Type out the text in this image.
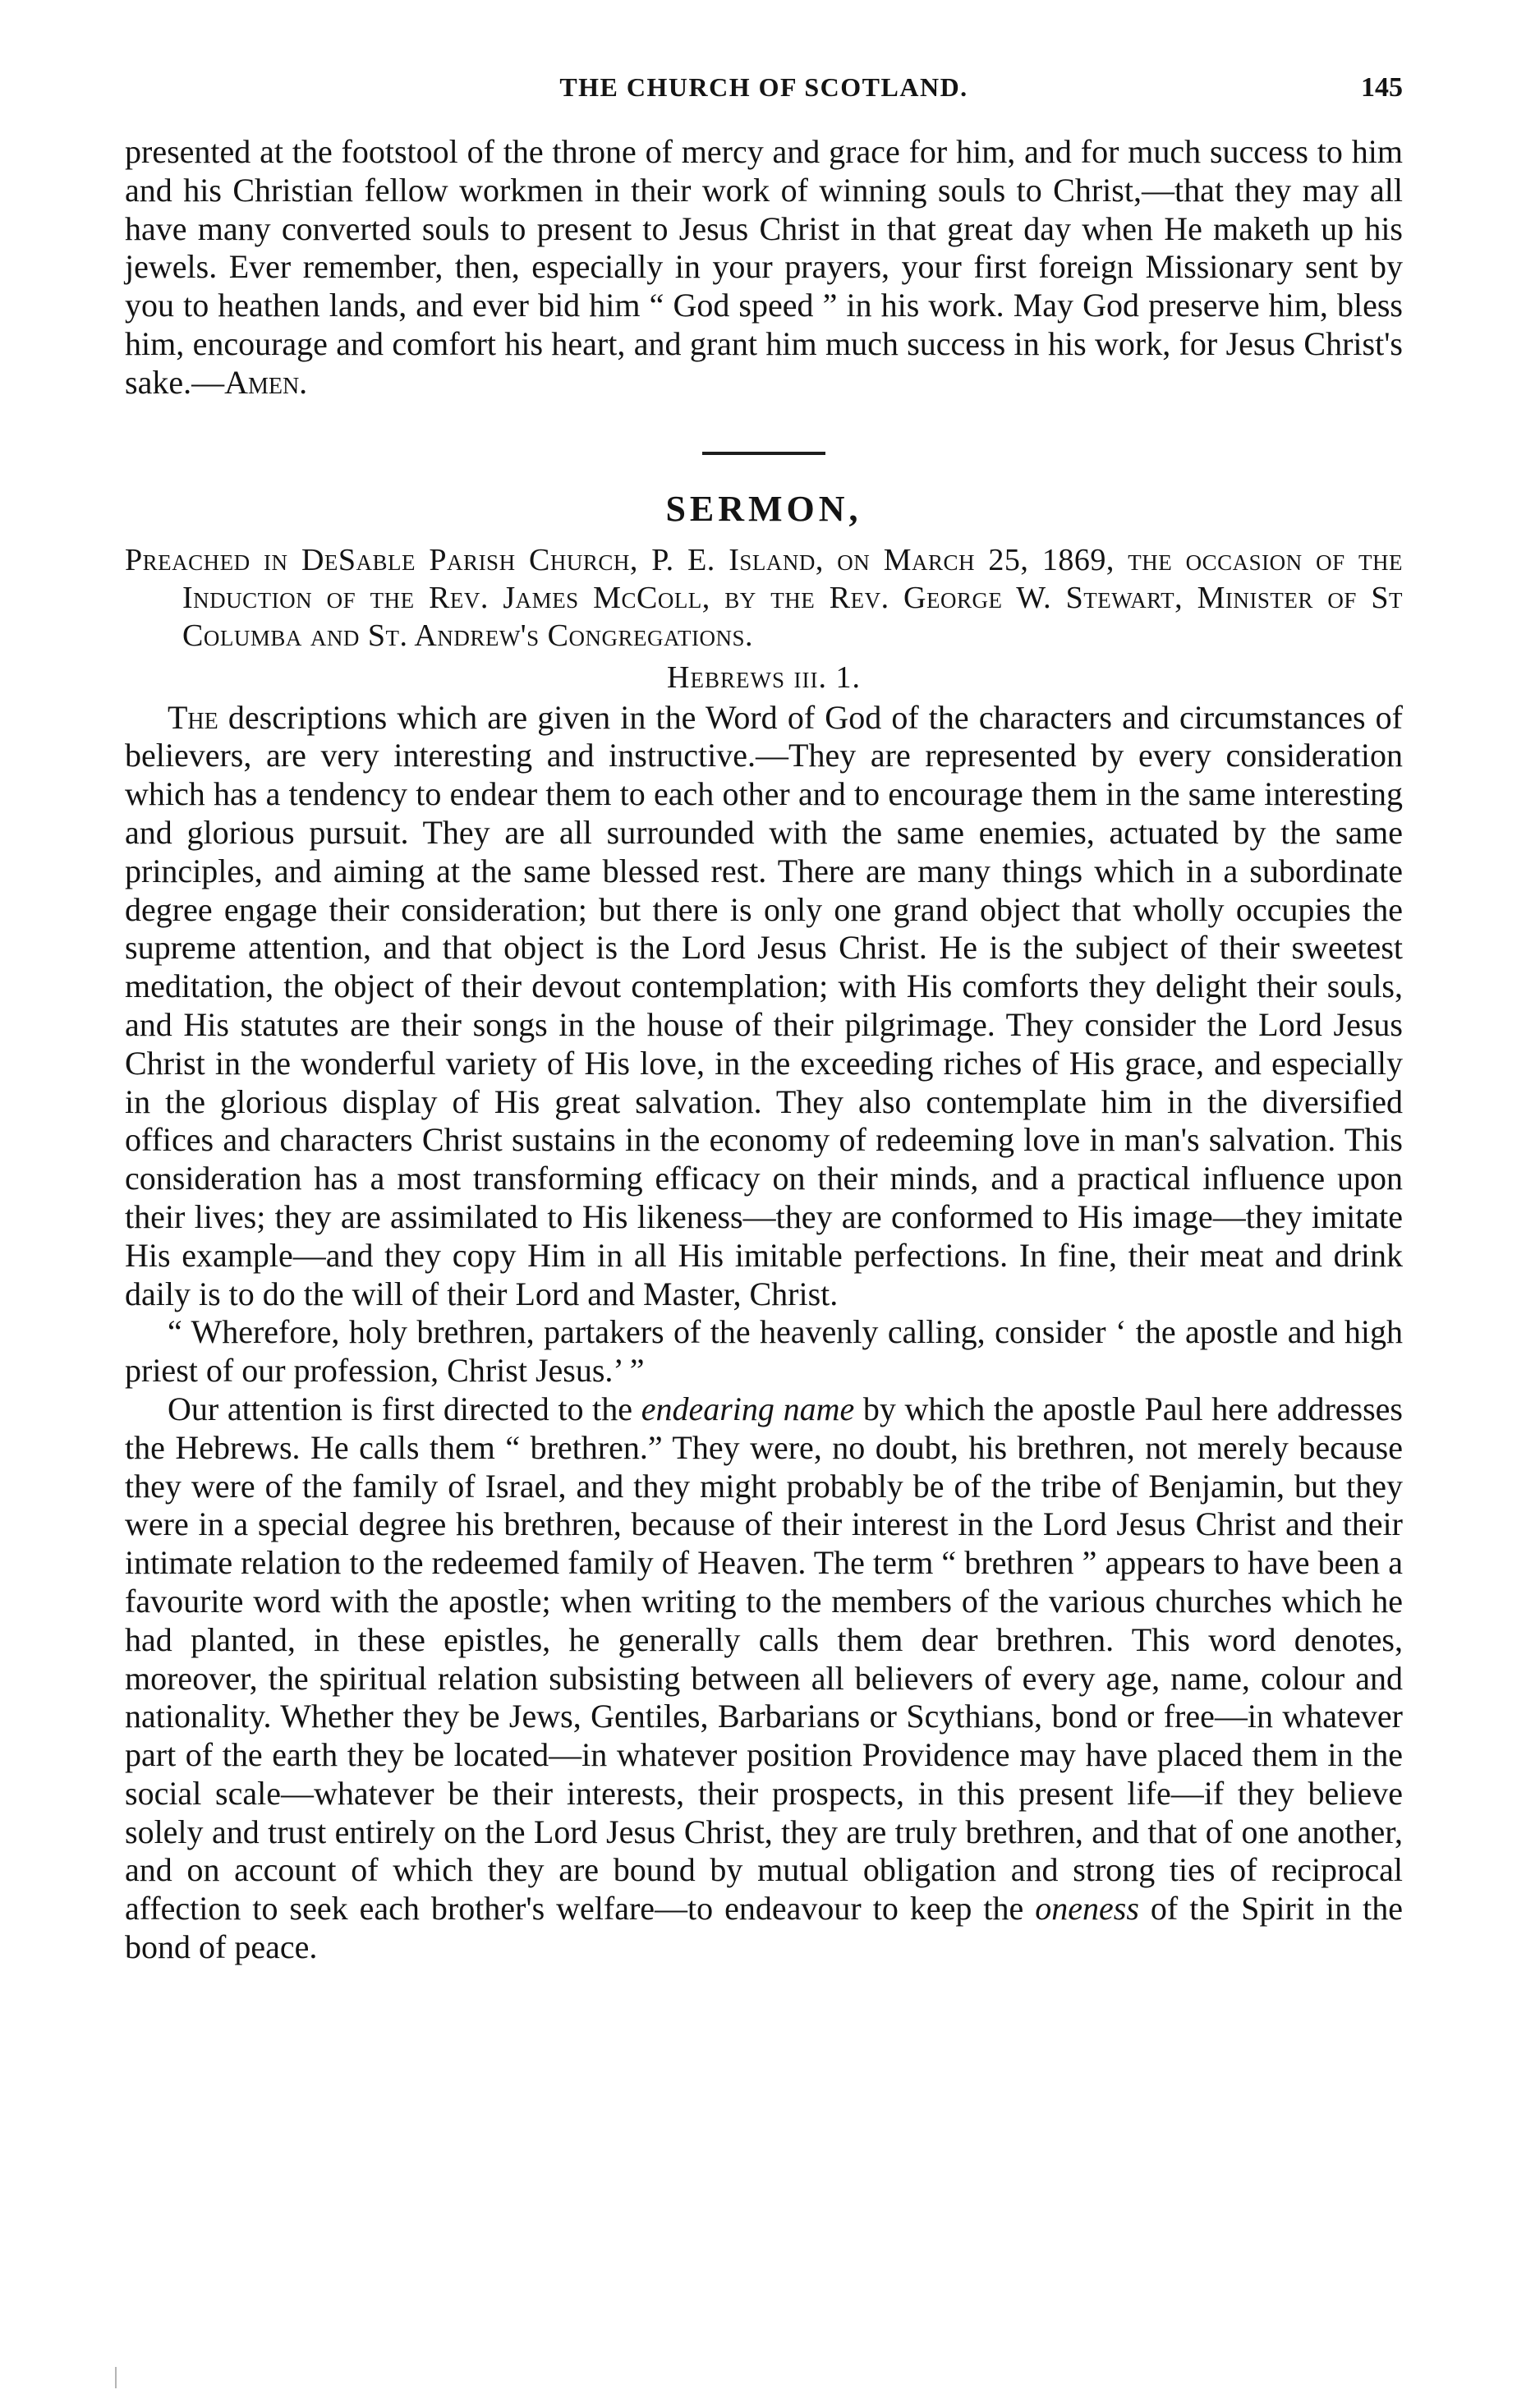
THE CHURCH OF SCOTLAND.	145

presented at the footstool of the throne of mercy and grace for him, and for much success to him and his Christian fellow workmen in their work of winning souls to Christ,—that they may all have many converted souls to present to Jesus Christ in that great day when He maketh up his jewels. Ever remember, then, especially in your prayers, your first foreign Missionary sent by you to heathen lands, and ever bid him “ God speed ” in his work. May God preserve him, bless him, encourage and comfort his heart, and grant him much success in his work, for Jesus Christ's sake.—Amen.

SERMON,

Preached in DeSable Parish Church, P. E. Island, on March 25, 1869, the occasion of the Induction of the Rev. James McColl, by the Rev. George W. Stewart, Minister of St Columba and St. Andrew's Congregations.

Hebrews iii. 1.

The descriptions which are given in the Word of God of the characters and circumstances of believers, are very interesting and instructive.—They are represented by every consideration which has a tendency to endear them to each other and to encourage them in the same interesting and glorious pursuit. They are all surrounded with the same enemies, actuated by the same principles, and aiming at the same blessed rest. There are many things which in a subordinate degree engage their consideration; but there is only one grand object that wholly occupies the supreme attention, and that object is the Lord Jesus Christ. He is the subject of their sweetest meditation, the object of their devout contemplation; with His comforts they delight their souls, and His statutes are their songs in the house of their pilgrimage. They consider the Lord Jesus Christ in the wonderful variety of His love, in the exceeding riches of His grace, and especially in the glorious display of His great salvation. They also contemplate him in the diversified offices and characters Christ sustains in the economy of redeeming love in man's salvation. This consideration has a most transforming efficacy on their minds, and a practical influence upon their lives; they are assimilated to His likeness—they are conformed to His image—they imitate His example—and they copy Him in all His imitable perfections. In fine, their meat and drink daily is to do the will of their Lord and Master, Christ.

“ Wherefore, holy brethren, partakers of the heavenly calling, consider ‘ the apostle and high priest of our profession, Christ Jesus.’ ”

Our attention is first directed to the endearing name by which the apostle Paul here addresses the Hebrews. He calls them “ brethren.” They were, no doubt, his brethren, not merely because they were of the family of Israel, and they might probably be of the tribe of Benjamin, but they were in a special degree his brethren, because of their interest in the Lord Jesus Christ and their intimate relation to the redeemed family of Heaven. The term “ brethren ” appears to have been a favourite word with the apostle; when writing to the members of the various churches which he had planted, in these epistles, he generally calls them dear brethren. This word denotes, moreover, the spiritual relation subsisting between all believers of every age, name, colour and nationality. Whether they be Jews, Gentiles, Barbarians or Scythians, bond or free—in whatever part of the earth they be located—in whatever position Providence may have placed them in the social scale—whatever be their interests, their prospects, in this present life—if they believe solely and trust entirely on the Lord Jesus Christ, they are truly brethren, and that of one another, and on account of which they are bound by mutual obligation and strong ties of reciprocal affection to seek each brother's welfare—to endeavour to keep the oneness of the Spirit in the bond of peace.
